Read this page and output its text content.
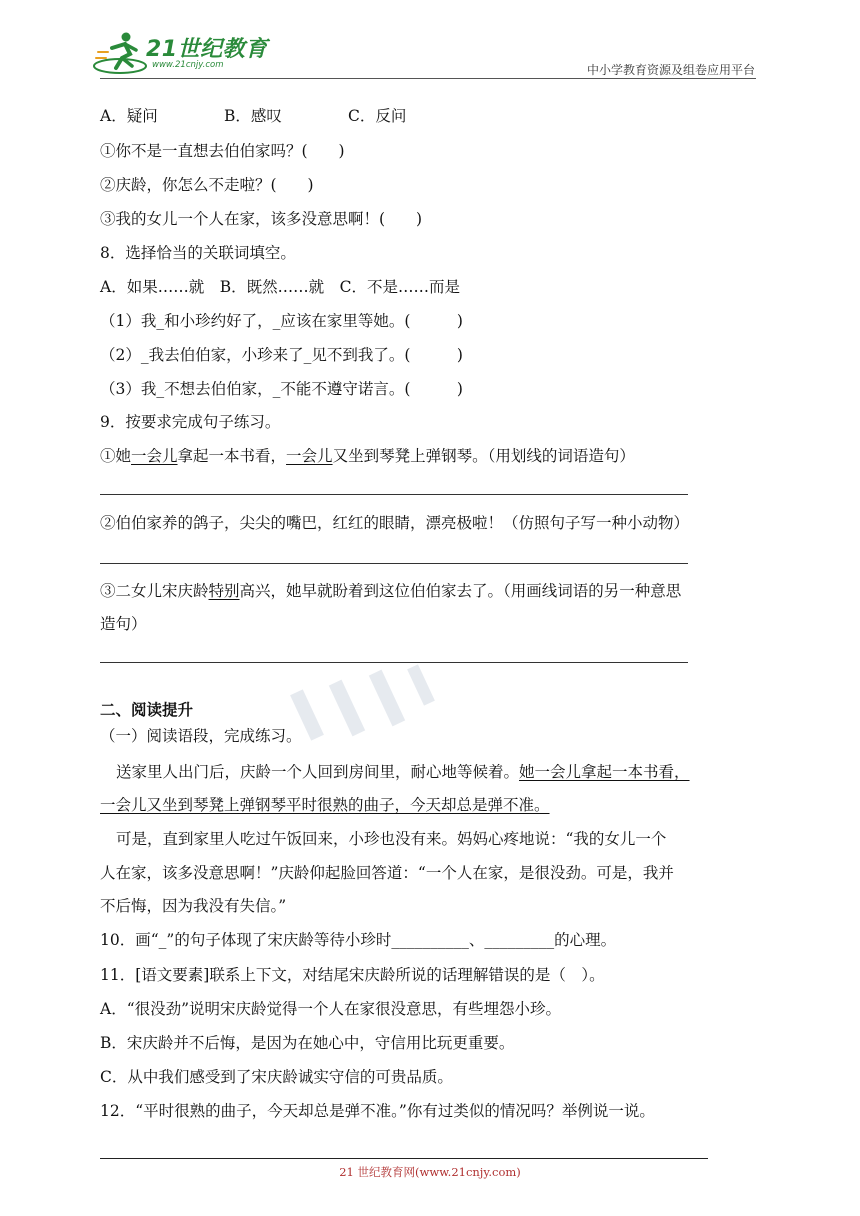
21世纪教育
www.21cnjy.com	中小学教育资源及组卷应用平台
A．疑问	B．感叹	C．反问
①你不是一直想去伯伯家吗？(　　)
②庆龄，你怎么不走啦？(　　)
③我的女儿一个人在家，该多没意思啊！(　　)
8．选择恰当的关联词填空。
A．如果……就　B．既然……就　C．不是……而是
（1）我_和小珍约好了，_应该在家里等她。(　　　)
（2）_我去伯伯家，小珍来了_见不到我了。(　　　)
（3）我_不想去伯伯家，_不能不遵守诺言。(　　　)
9．按要求完成句子练习。
①她一会儿拿起一本书看，一会儿又坐到琴凳上弹钢琴。（用划线的词语造句）
②伯伯家养的鸽子，尖尖的嘴巴，红红的眼睛，漂亮极啦！（仿照句子写一种小动物）
③二女儿宋庆龄特别高兴，她早就盼着到这位伯伯家去了。（用画线词语的另一种意思
造句）
二、阅读提升
（一）阅读语段，完成练习。
送家里人出门后，庆龄一个人回到房间里，耐心地等候着。她一会儿拿起一本书看，
一会儿又坐到琴凳上弹钢琴平时很熟的曲子，今天却总是弹不准。
可是，直到家里人吃过午饭回来，小珍也没有来。妈妈心疼地说：“我的女儿一个
人在家，该多没意思啊！”庆龄仰起脸回答道：“一个人在家，是很没劲。可是，我并
不后悔，因为我没有失信。”
10．画“_”的句子体现了宋庆龄等待小珍时__________、_________的心理。
11．[语文要素]联系上下文，对结尾宋庆龄所说的话理解错误的是（　）。
A．“很没劲”说明宋庆龄觉得一个人在家很没意思，有些埋怨小珍。
B．宋庆龄并不后悔，是因为在她心中，守信用比玩更重要。
C．从中我们感受到了宋庆龄诚实守信的可贵品质。
12．“平时很熟的曲子，今天却总是弹不准。”你有过类似的情况吗？举例说一说。
21 世纪教育网(www.21cnjy.com)
